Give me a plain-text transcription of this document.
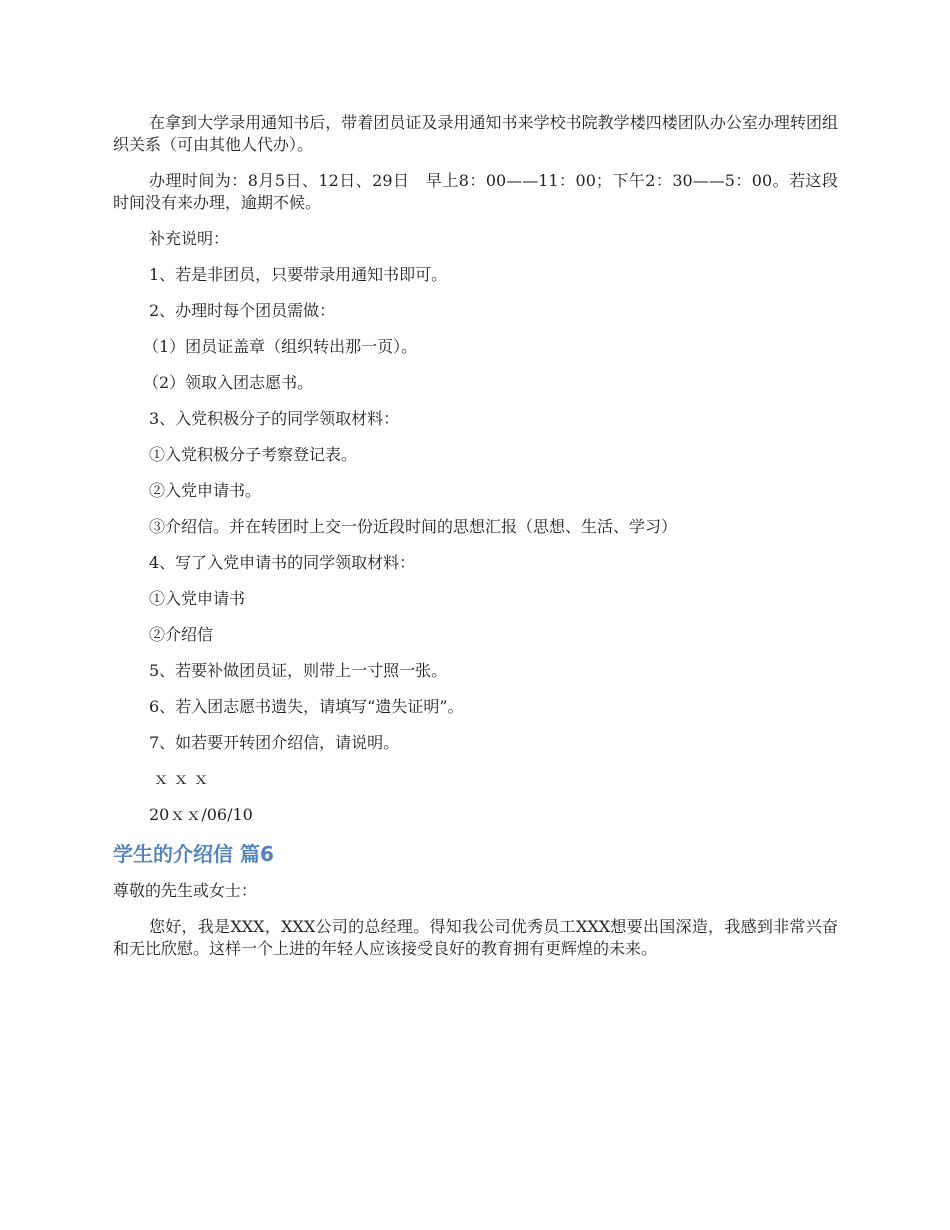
在拿到大学录用通知书后，带着团员证及录用通知书来学校书院教学楼四楼团队办公室办理转团组织关系（可由其他人代办）。

办理时间为：8月5日、12日、29日　早上8：00——11：00；下午2：30——5：00。若这段时间没有来办理，逾期不候。

补充说明：

1、若是非团员，只要带录用通知书即可。

2、办理时每个团员需做：

（1）团员证盖章（组织转出那一页）。

（2）领取入团志愿书。

3、入党积极分子的同学领取材料：

①入党积极分子考察登记表。

②入党申请书。

③介绍信。并在转团时上交一份近段时间的思想汇报（思想、生活、学习）

4、写了入党申请书的同学领取材料：

①入党申请书

②介绍信

5、若要补做团员证，则带上一寸照一张。

6、若入团志愿书遗失，请填写“遗失证明”。

7、如若要开转团介绍信，请说明。

ｘｘｘ

20ｘｘ/06/10

学生的介绍信 篇6

尊敬的先生或女士：

您好，我是XXX，XXX公司的总经理。得知我公司优秀员工XXX想要出国深造，我感到非常兴奋和无比欣慰。这样一个上进的年轻人应该接受良好的教育拥有更辉煌的未来。
